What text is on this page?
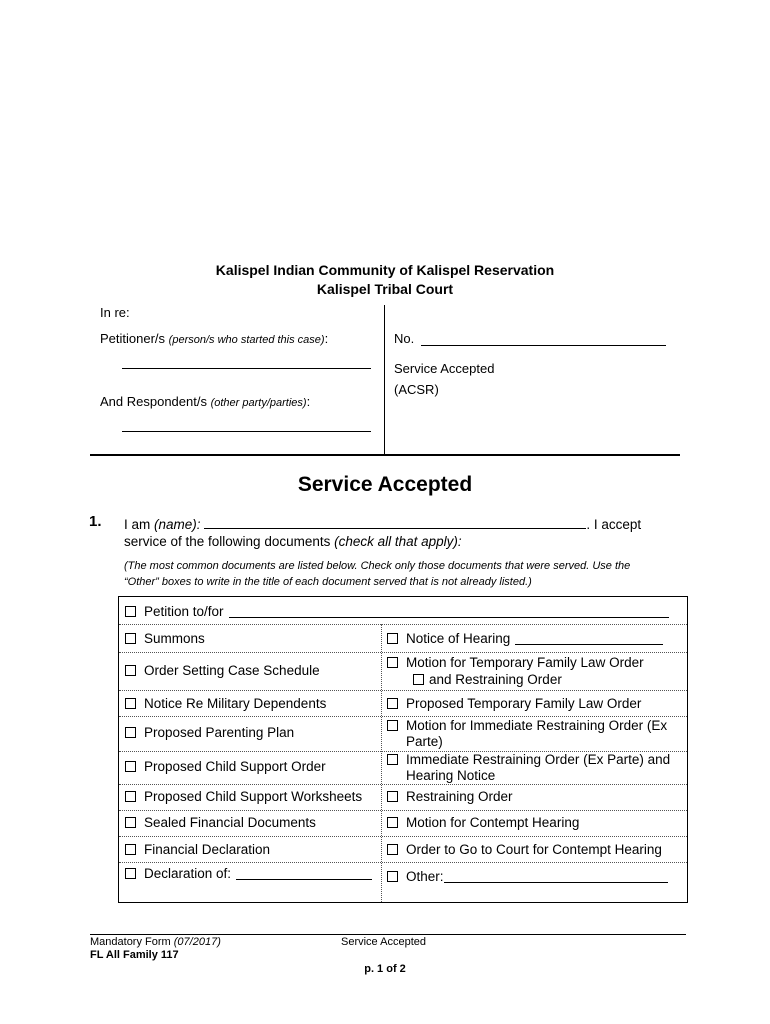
Kalispel Indian Community of Kalispel Reservation
Kalispel Tribal Court
In re:
Petitioner/s (person/s who started this case):
And Respondent/s (other party/parties):
No.
Service Accepted
(ACSR)
Service Accepted
1. I am (name):	. I accept
service of the following documents (check all that apply):
(The most common documents are listed below. Check only those documents that were served. Use the
“Other” boxes to write in the title of each document served that is not already listed.)
Petition to/for
Summons
Order Setting Case Schedule
Notice Re Military Dependents
Proposed Parenting Plan
Proposed Child Support Order
Proposed Child Support Worksheets
Sealed Financial Documents
Financial Declaration
Declaration of:
Notice of Hearing
Motion for Temporary Family Law Order
and Restraining Order
Proposed Temporary Family Law Order
Motion for Immediate Restraining Order (Ex
Parte)
Immediate Restraining Order (Ex Parte) and
Hearing Notice
Restraining Order
Motion for Contempt Hearing
Order to Go to Court for Contempt Hearing
Other:
Mandatory Form (07/2017)
FL All Family 117
Service Accepted
p. 1 of 2
